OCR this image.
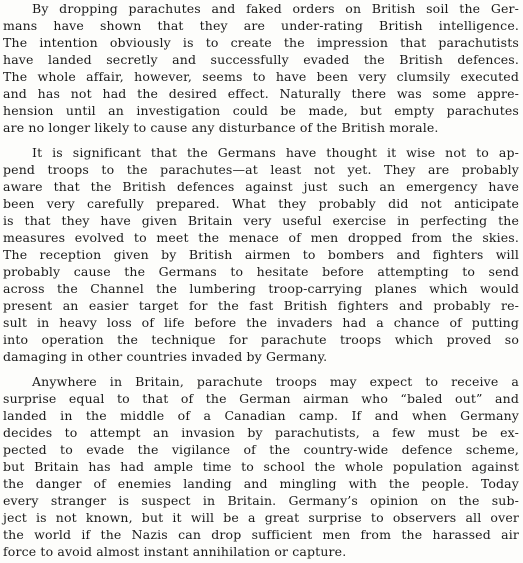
By dropping parachutes and faked orders on British soil the Ger-
mans have shown that they are under-rating British intelligence.
The intention obviously is to create the impression that parachutists
have landed secretly and successfully evaded the British defences.
The whole affair, however, seems to have been very clumsily executed
and has not had the desired effect. Naturally there was some appre-
hension until an investigation could be made, but empty parachutes
are no longer likely to cause any disturbance of the British morale.
It is significant that the Germans have thought it wise not to ap-
pend troops to the parachutes—at least not yet. They are probably
aware that the British defences against just such an emergency have
been very carefully prepared. What they probably did not anticipate
is that they have given Britain very useful exercise in perfecting the
measures evolved to meet the menace of men dropped from the skies.
The reception given by British airmen to bombers and fighters will
probably cause the Germans to hesitate before attempting to send
across the Channel the lumbering troop-carrying planes which would
present an easier target for the fast British fighters and probably re-
sult in heavy loss of life before the invaders had a chance of putting
into operation the technique for parachute troops which proved so
damaging in other countries invaded by Germany.
Anywhere in Britain, parachute troops may expect to receive a
surprise equal to that of the German airman who “baled out” and
landed in the middle of a Canadian camp. If and when Germany
decides to attempt an invasion by parachutists, a few must be ex-
pected to evade the vigilance of the country-wide defence scheme,
but Britain has had ample time to school the whole population against
the danger of enemies landing and mingling with the people. Today
every stranger is suspect in Britain. Germany’s opinion on the sub-
ject is not known, but it will be a great surprise to observers all over
the world if the Nazis can drop sufficient men from the harassed air
force to avoid almost instant annihilation or capture.
